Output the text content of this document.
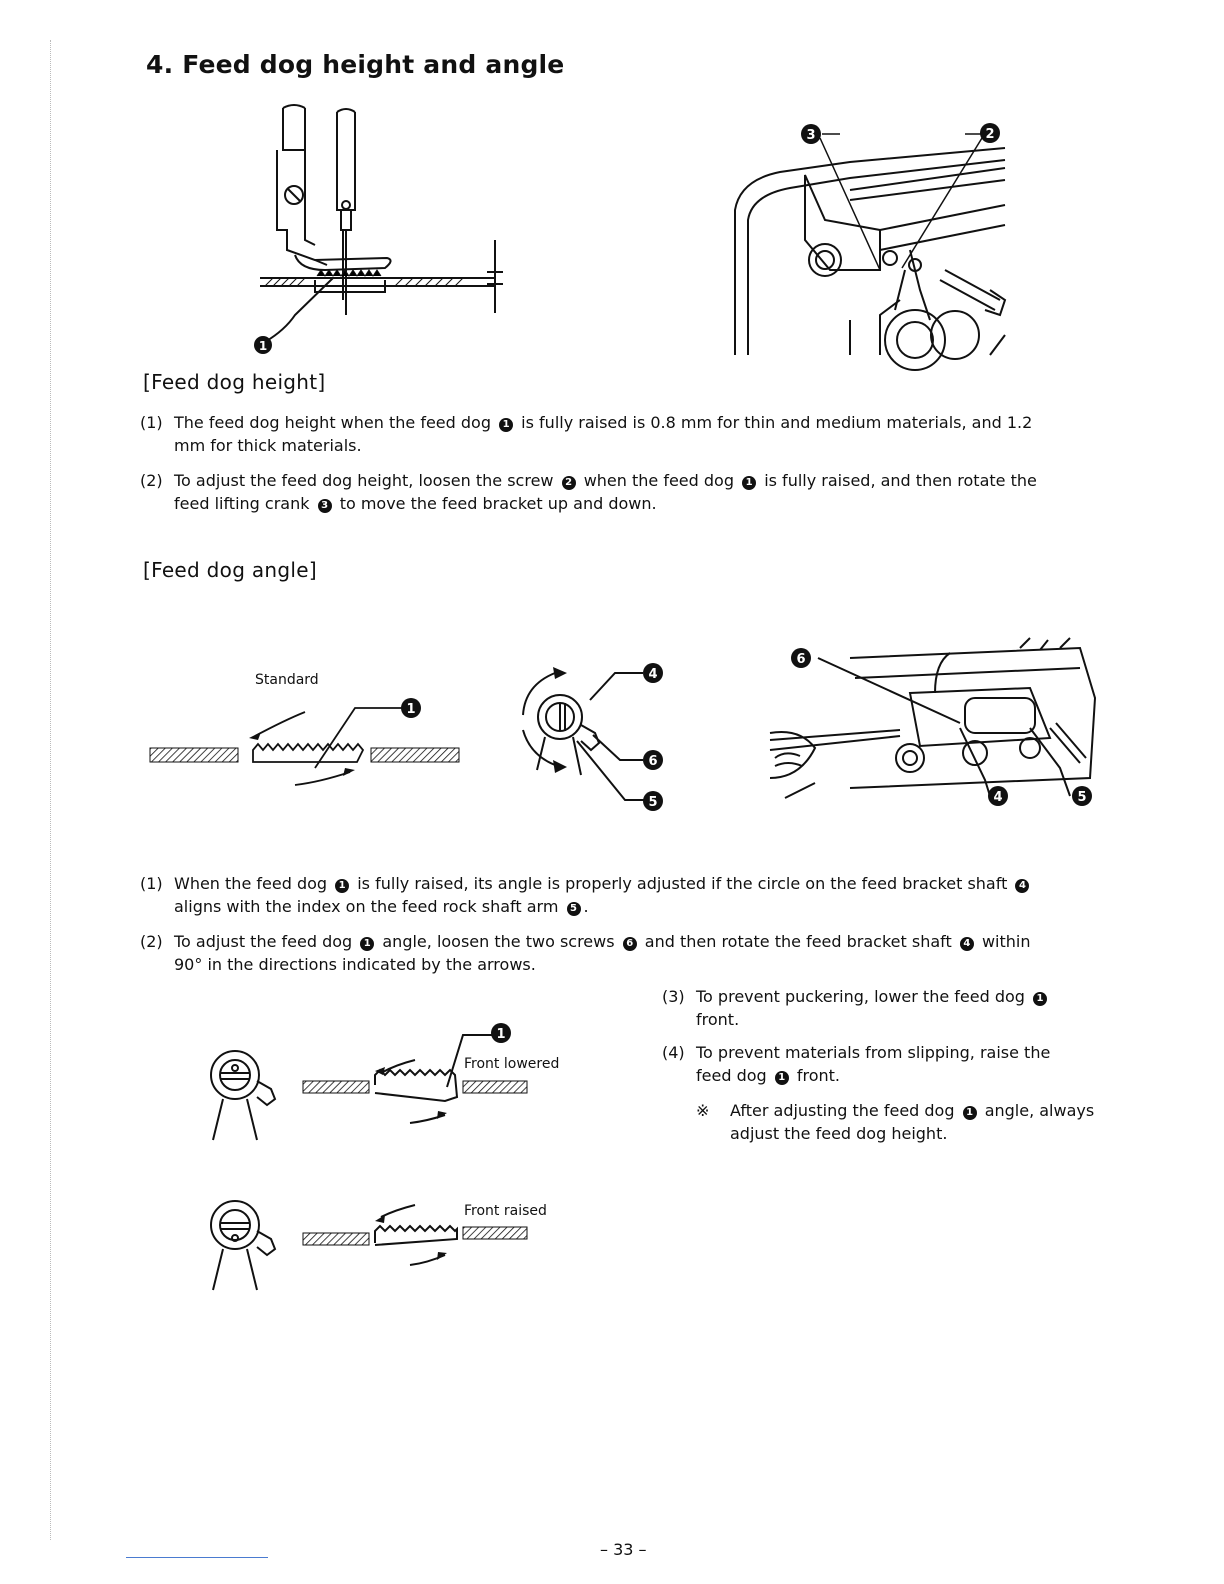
4. Feed dog height and angle
1
3	2
[Feed dog height]
(1) The feed dog height when the feed dog 1 is fully raised is 0.8 mm for thin and medium materials, and 1.2
mm for thick materials.
(2) To adjust the feed dog height, loosen the screw 2 when the feed dog 1 is fully raised, and then rotate the
feed lifting crank 3 to move the feed bracket up and down.
[Feed dog angle]
Standard
1
4
6
5
6
4	5
(1) When the feed dog 1 is fully raised, its angle is properly adjusted if the circle on the feed bracket shaft 4
aligns with the index on the feed rock shaft arm 5 .
(2) To adjust the feed dog 1 angle, loosen the two screws 6 and then rotate the feed bracket shaft 4 within
90° in the directions indicated by the arrows.
(3) To prevent puckering, lower the feed dog 1
front.
(4) To prevent materials from slipping, raise the
feed dog 1 front.
※ After adjusting the feed dog 1 angle, always
adjust the feed dog height.
1
Front lowered
Front raised
– 33 –
